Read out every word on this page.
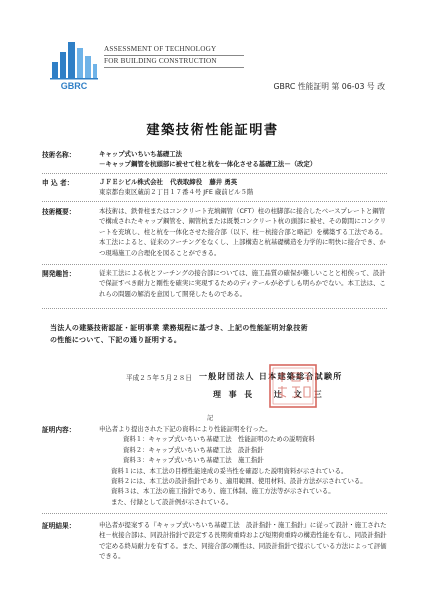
GBRC
ASSESSMENT OF TECHNOLOGY
FOR BUILDING CONSTRUCTION
GBRC 性能証明 第 06-03 号 改
建築技術性能証明書
技術名称：	キャップ式いちいち基礎工法
－キャップ鋼管を杭頭部に被せて柱と杭を一体化させる基礎工法－（改定）
申 込 者：	ＪＦＥシビル株式会社 代表取締役 藤井 勇英
東京都台東区蔵前２丁目１７番４号 JFE 蔵前ビル５階
技術概要：	本技術は、鉄骨柱またはコンクリート充填鋼管（CFT）柱の柱脚部に接合したベースプレートと鋼管で構成されたキャップ鋼管を、鋼管杭または既製コンクリート杭の頭部に被せ、その隙間にコンクリートを充填し、柱と杭を一体化させた接合部（以下、柱－杭接合部と略記）を構築する工法である。本工法によると、従来のフーチングをなくし、上部構造と杭基礎構造を力学的に明快に接合でき、かつ現場施工の合理化を図ることができる。
開発趣旨：	従来工法による杭とフーチングの接合部については、施工品質の確保が難しいことと相俟って、設計で保証すべき耐力と剛性を確実に実現するためのディテールが必ずしも明らかでない。本工法は、これらの問題の解消を意図して開発したものである。
当法人の建築技術認証・証明事業 業務規程に基づき、上記の性能証明対象技術
の性能について、下記の通り証明する。
平成２５年５月２８日 一般財団法人 日本建築総合試験所
理 事 長 辻文三
記
証明内容：	申込者より提出された下記の資料により性能証明を行った。
資料１：キャップ式いちいち基礎工法　性能証明のための説明資料
資料２：キャップ式いちいち基礎工法　設計指針
資料３：キャップ式いちいち基礎工法　施工指針
資料１には、本工法の目標性能達成の妥当性を確認した説明資料が示されている。
資料２には、本工法の設計指針であり、適用範囲、使用材料、設計方法が示されている。
資料３は、本工法の施工指針であり、施工体制、施工方法等が示されている。
また、付録として設計例が示されている。
証明結果：	申込者が提案する『キャップ式いちいち基礎工法　設計指針・施工指針』に従って設計・施工された柱－杭接合部は、同設計指針で設定する長期荷重時および短期荷重時の構造性能を有し、同設計指針で定める終局耐力を有する。また、同接合部の剛性は、同設計指針で提示している方法によって評価できる。
